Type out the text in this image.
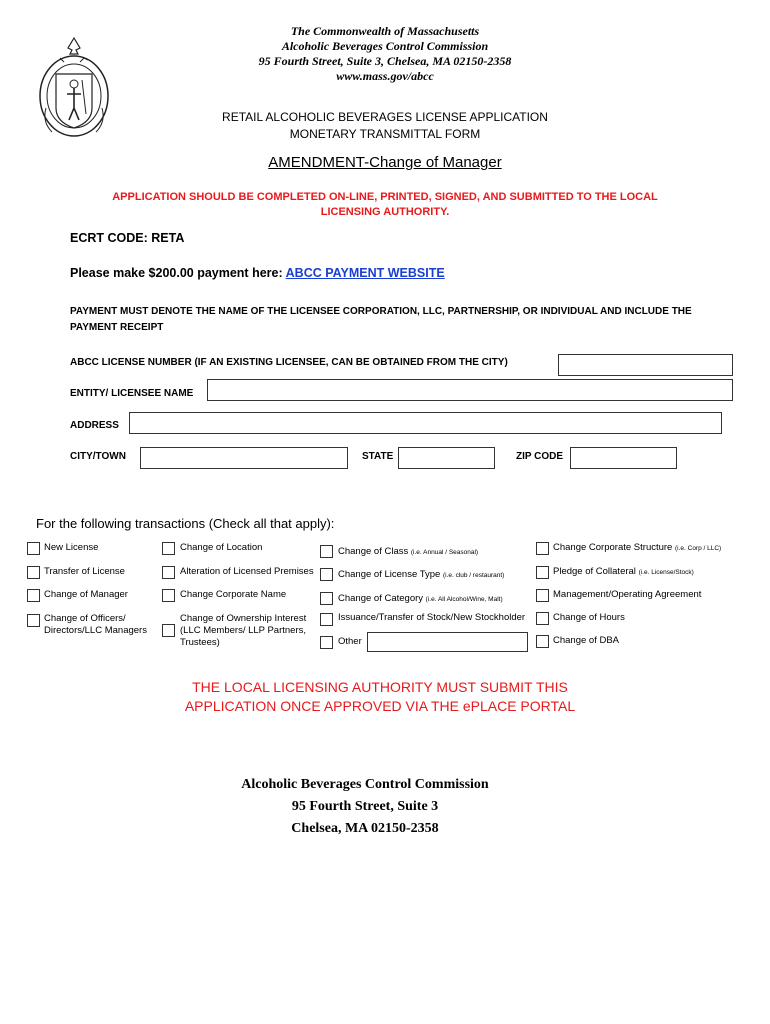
The Commonwealth of Massachusetts
Alcoholic Beverages Control Commission
95 Fourth Street, Suite 3, Chelsea, MA 02150-2358
www.mass.gov/abcc
RETAIL ALCOHOLIC BEVERAGES LICENSE APPLICATION
MONETARY TRANSMITTAL FORM
AMENDMENT-Change of Manager
APPLICATION SHOULD BE COMPLETED ON-LINE, PRINTED, SIGNED, AND SUBMITTED TO THE LOCAL
LICENSING AUTHORITY.
ECRT CODE: RETA
Please make $200.00 payment here: ABCC PAYMENT WEBSITE
PAYMENT MUST DENOTE THE NAME OF THE LICENSEE CORPORATION, LLC, PARTNERSHIP, OR INDIVIDUAL AND INCLUDE THE
PAYMENT RECEIPT
ABCC LICENSE NUMBER (IF AN EXISTING LICENSEE, CAN BE OBTAINED FROM THE CITY)
ENTITY/ LICENSEE NAME
ADDRESS
CITY/TOWN	STATE	ZIP CODE
For the following transactions (Check all that apply):
New License
Transfer of License
Change of Manager
Change of Officers/
Directors/LLC Managers
Change of Location
Alteration of Licensed Premises
Change Corporate Name
Change of Ownership Interest
(LLC Members/ LLP Partners,
Trustees)
Change of Class (i.e. Annual / Seasonal)
Change of License Type (i.e. club / restaurant)
Change of Category (i.e. All Alcohol/Wine, Malt)
Issuance/Transfer of Stock/New Stockholder
Other
Change Corporate Structure (i.e. Corp / LLC)
Pledge of Collateral (i.e. License/Stock)
Management/Operating Agreement
Change of Hours
Change of DBA
THE LOCAL LICENSING AUTHORITY MUST SUBMIT THIS
APPLICATION ONCE APPROVED VIA THE ePLACE PORTAL
Alcoholic Beverages Control Commission
95 Fourth Street, Suite 3
Chelsea, MA 02150-2358
